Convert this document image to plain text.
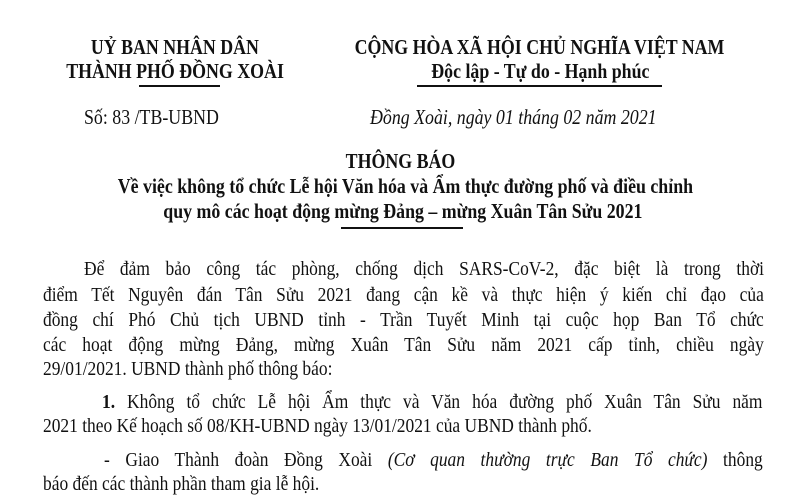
UỶ BAN NHÂN DÂN
THÀNH PHỐ ĐỒNG XOÀI
CỘNG HÒA XÃ HỘI CHỦ NGHĨA VIỆT NAM
Độc lập - Tự do - Hạnh phúc
Số: 83 /TB-UBND	Đồng Xoài, ngày 01 tháng 02 năm 2021
THÔNG BÁO
Về việc không tổ chức Lễ hội Văn hóa và Ẩm thực đường phố và điều chỉnh
quy mô các hoạt động mừng Đảng – mừng Xuân Tân Sửu 2021
Để đảm bảo công tác phòng, chống dịch SARS-CoV-2, đặc biệt là trong thời
điểm Tết Nguyên đán Tân Sửu 2021 đang cận kề và thực hiện ý kiến chỉ đạo của
đồng chí Phó Chủ tịch UBND tỉnh - Trần Tuyết Minh tại cuộc họp Ban Tổ chức
các hoạt động mừng Đảng, mừng Xuân Tân Sửu năm 2021 cấp tỉnh, chiều ngày
29/01/2021. UBND thành phố thông báo:
1. Không tổ chức Lễ hội Ẩm thực và Văn hóa đường phố Xuân Tân Sửu năm
2021 theo Kế hoạch số 08/KH-UBND ngày 13/01/2021 của UBND thành phố.
- Giao Thành đoàn Đồng Xoài (Cơ quan thường trực Ban Tổ chức) thông
báo đến các thành phần tham gia lễ hội.
